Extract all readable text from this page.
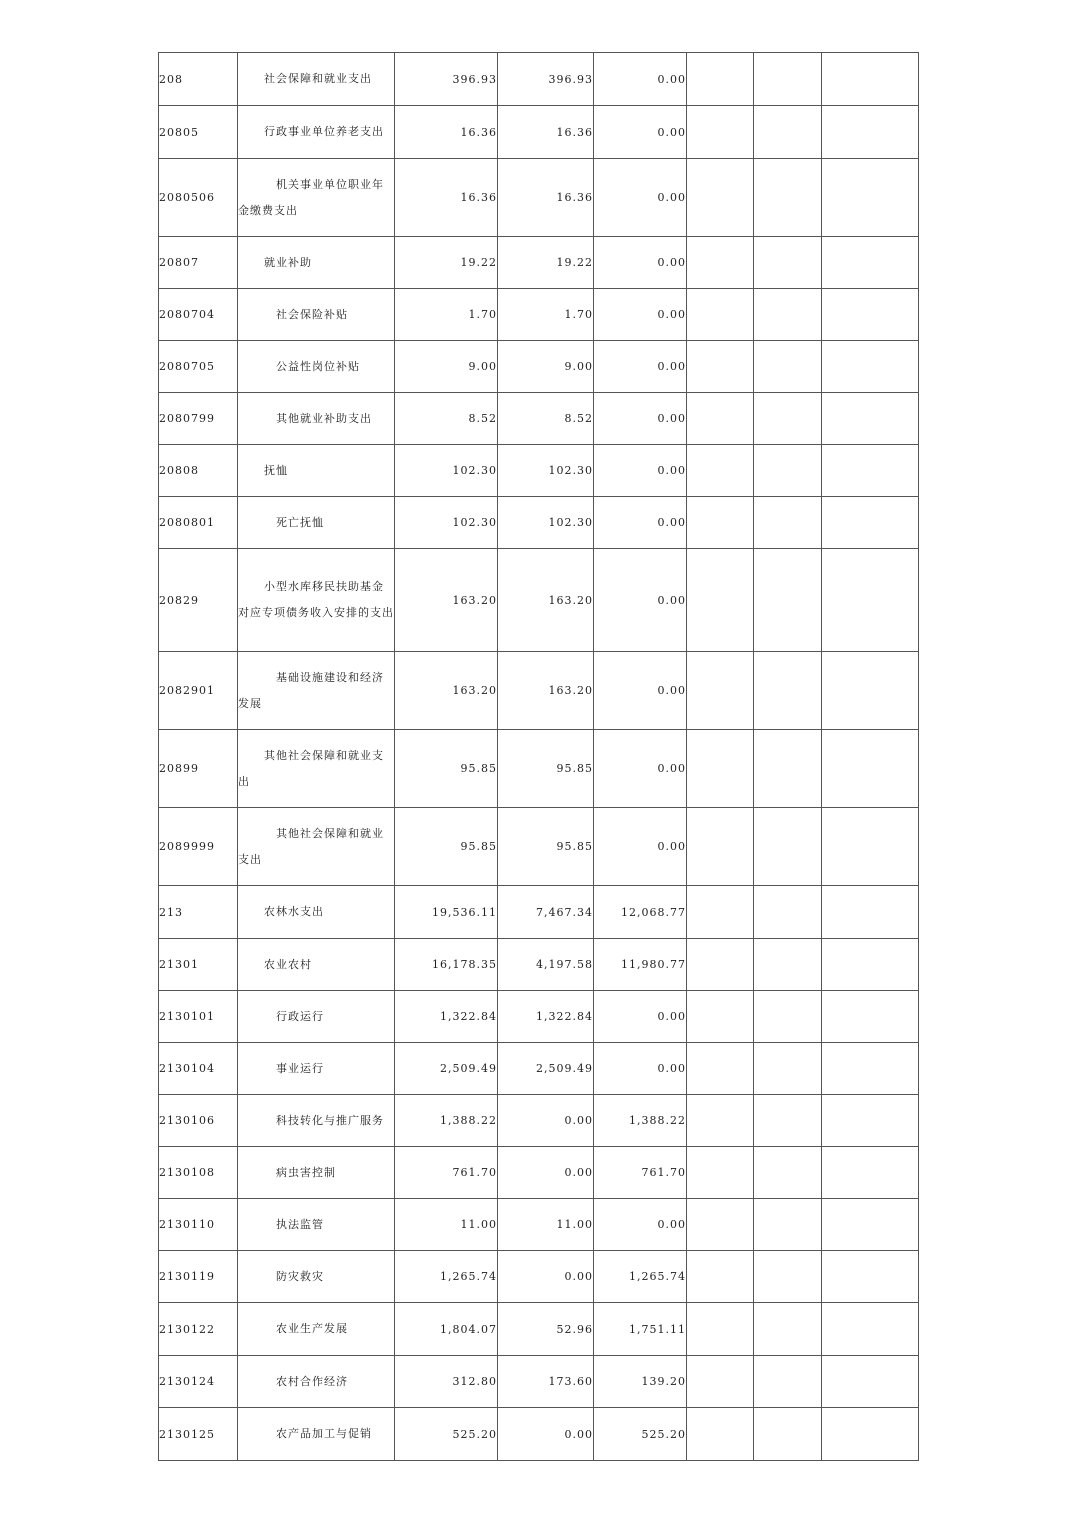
208	社会保障和就业支出	396.93	396.93	0.00			
20805	行政事业单位养老支出	16.36	16.36	0.00			
2080506	机关事业单位职业年金缴费支出	16.36	16.36	0.00			
20807	就业补助	19.22	19.22	0.00			
2080704	社会保险补贴	1.70	1.70	0.00			
2080705	公益性岗位补贴	9.00	9.00	0.00			
2080799	其他就业补助支出	8.52	8.52	0.00			
20808	抚恤	102.30	102.30	0.00			
2080801	死亡抚恤	102.30	102.30	0.00			
20829	小型水库移民扶助基金对应专项债务收入安排的支出	163.20	163.20	0.00			
2082901	基础设施建设和经济发展	163.20	163.20	0.00			
20899	其他社会保障和就业支出	95.85	95.85	0.00			
2089999	其他社会保障和就业支出	95.85	95.85	0.00			
213	农林水支出	19,536.11	7,467.34	12,068.77			
21301	农业农村	16,178.35	4,197.58	11,980.77			
2130101	行政运行	1,322.84	1,322.84	0.00			
2130104	事业运行	2,509.49	2,509.49	0.00			
2130106	科技转化与推广服务	1,388.22	0.00	1,388.22			
2130108	病虫害控制	761.70	0.00	761.70			
2130110	执法监管	11.00	11.00	0.00			
2130119	防灾救灾	1,265.74	0.00	1,265.74			
2130122	农业生产发展	1,804.07	52.96	1,751.11			
2130124	农村合作经济	312.80	173.60	139.20			
2130125	农产品加工与促销	525.20	0.00	525.20			
